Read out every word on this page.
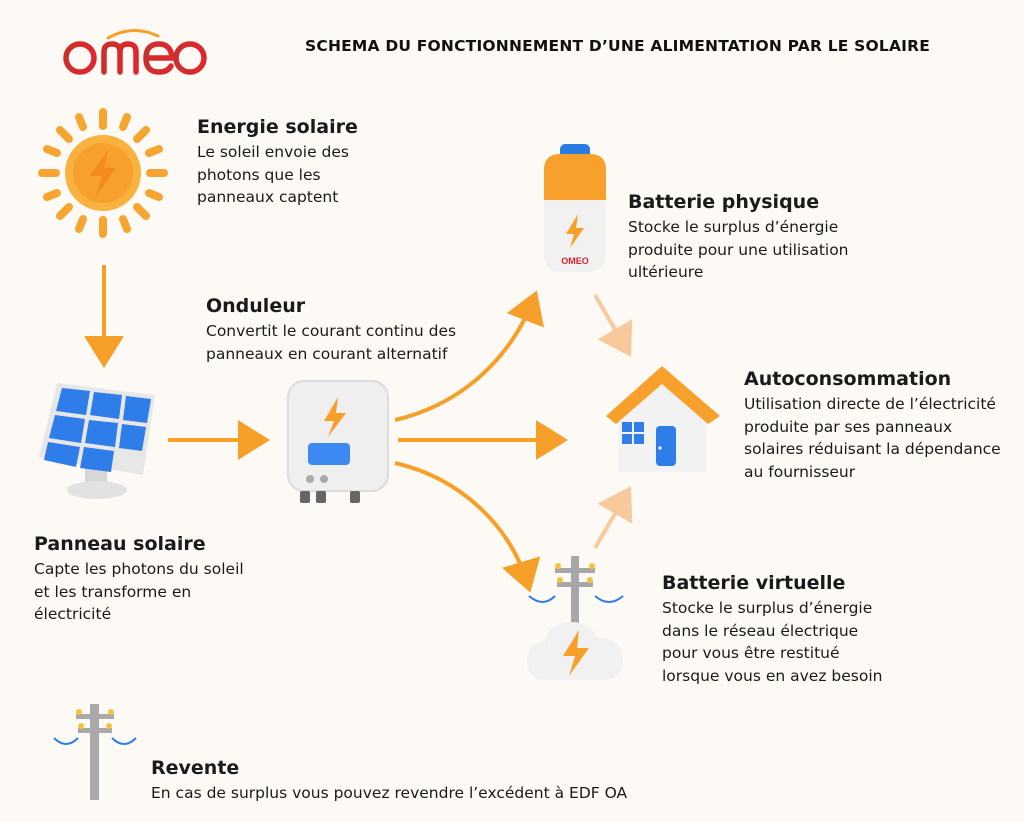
SCHEMA DU FONCTIONNEMENT D’UNE ALIMENTATION PAR LE SOLAIRE
Energie solaire
Le soleil envoie des photons que les panneaux captent
Panneau solaire
Capte les photons du soleil et les transforme en électricité
Onduleur
Convertit le courant continu des panneaux en courant alternatif
OMEO
Batterie physique
Stocke le surplus d’énergie produite pour une utilisation ultérieure
Autoconsommation
Utilisation directe de l’électricité produite par ses panneaux solaires réduisant la dépendance au fournisseur
Batterie virtuelle
Stocke le surplus d’énergie dans le réseau électrique pour vous être restitué lorsque vous en avez besoin
Revente
En cas de surplus vous pouvez revendre l’excédent à EDF OA
